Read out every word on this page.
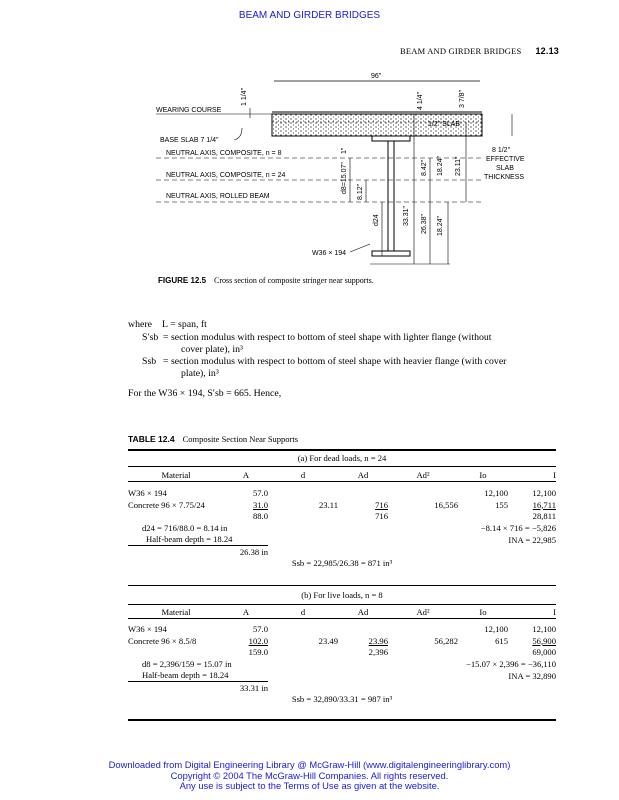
BEAM AND GIRDER BRIDGES
BEAM AND GIRDER BRIDGES 12.13
96"
1 1/4"
WEARING COURSE
BASE SLAB 7 1/4"
NEUTRAL AXIS, COMPOSITE, n = 8
NEUTRAL AXIS, COMPOSITE, n = 24
NEUTRAL AXIS, ROLLED BEAM
1/2" SLAB
8 1/2"
EFFECTIVE
SLAB
THICKNESS
4 1/4"	3 7/8"
8.42" 18.24" 23.11"
1"
d8=15.07" 8.12"
d24	33.31" 26.38" 18.24"
W36 × 194
FIGURE 12.5 Cross section of composite stringer near supports.
where L = span, ft
S′sb = section modulus with respect to bottom of steel shape with lighter flange (without
cover plate), in³
Ssb = section modulus with respect to bottom of steel shape with heavier flange (with cover
plate), in³
For the W36 × 194, S′sb = 665. Hence,
TABLE 12.4 Composite Section Near Supports
(a) For dead loads, n = 24
Material	A	d	Ad	Ad²	Io	I

W36 × 194	57.0				12,100	12,100
Concrete 96 × 7.75/24	31.0	23.11	716	16,556	155	16,711
	88.0		716			28,811
d24 = 716/88.0 = 8.14 in			−8.14 × 716 = −5,826			
Half-beam depth = 18.24			INA = 22,985			
26.38 in						
Ssb = 22,985/26.38 = 871 in³						
(b) For live loads, n = 8
Material	A	d	Ad	Ad²	Io	I

W36 × 194	57.0				12,100	12,100
Concrete 96 × 8.5/8	102.0	23.49	23.96	56,282	615	56,900
	159.0		2,396			69,000
d8 = 2,396/159 = 15.07 in			−15.07 × 2,396 = −36,110			
Half-beam depth = 18.24			INA = 32,890			
33.31 in						
Ssb = 32,890/33.31 = 987 in³						
Downloaded from Digital Engineering Library @ McGraw-Hill (www.digitalengineeringlibrary.com)
Copyright © 2004 The McGraw-Hill Companies. All rights reserved.
Any use is subject to the Terms of Use as given at the website.
